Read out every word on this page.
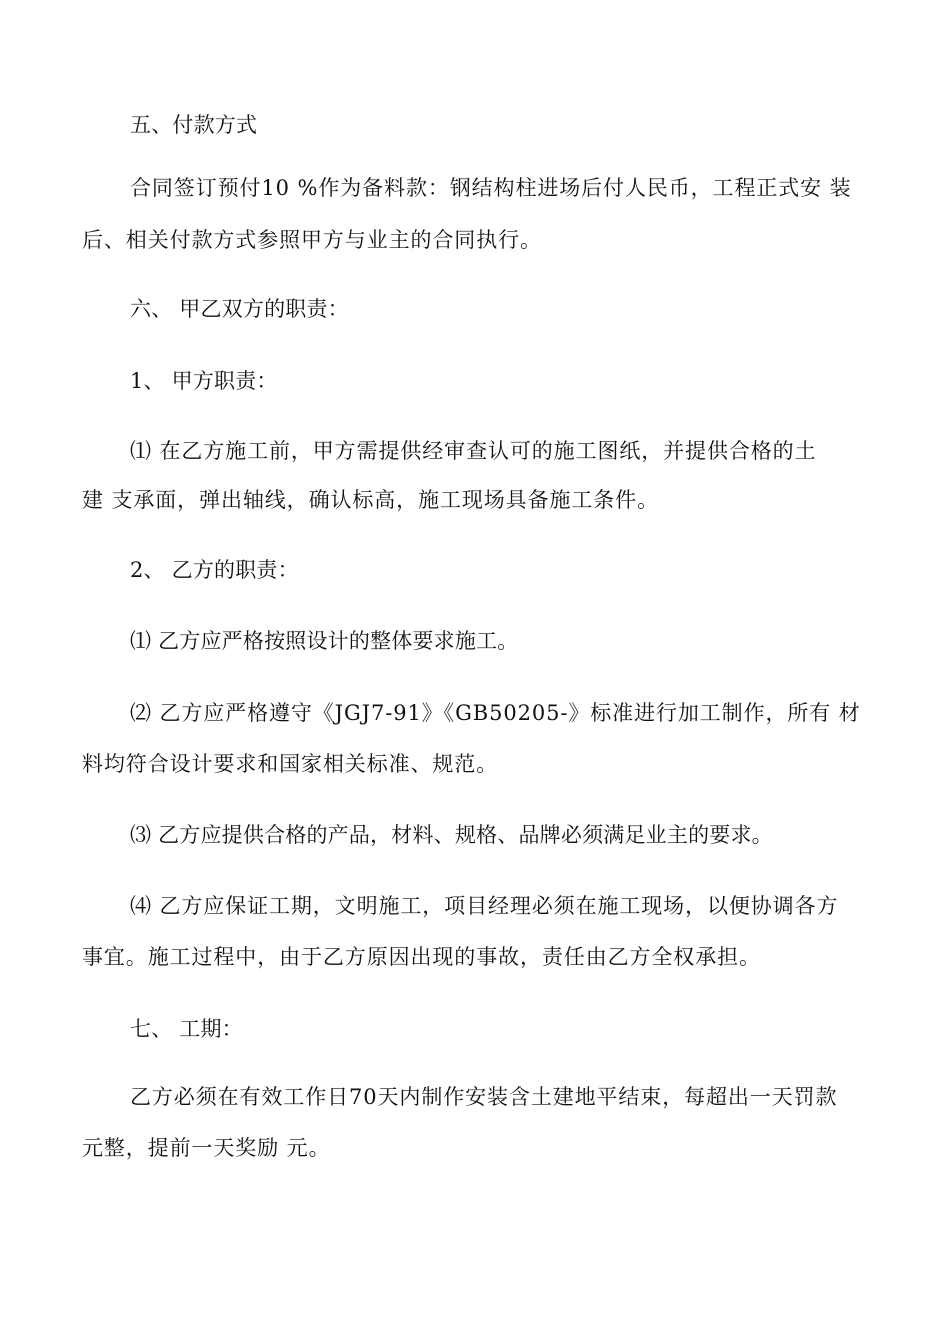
五、付款方式
合同签订预付10 %作为备料款：钢结构柱进场后付人民币，工程正式安 装
后、相关付款方式参照甲方与业主的合同执行。
六、 甲乙双方的职责：
1、 甲方职责：
⑴ 在乙方施工前，甲方需提供经审查认可的施工图纸，并提供合格的土
建 支承面，弹出轴线，确认标高，施工现场具备施工条件。
2、 乙方的职责：
⑴ 乙方应严格按照设计的整体要求施工。
⑵ 乙方应严格遵守《JGJ7-91》《GB50205-》标准进行加工制作，所有 材
料均符合设计要求和国家相关标准、规范。
⑶ 乙方应提供合格的产品，材料、规格、品牌必须满足业主的要求。
⑷ 乙方应保证工期，文明施工，项目经理必须在施工现场，以便协调各方
事宜。施工过程中，由于乙方原因出现的事故，责任由乙方全权承担。
七、 工期：
乙方必须在有效工作日70天内制作安装含土建地平结束，每超出一天罚款
元整，提前一天奖励 元。
